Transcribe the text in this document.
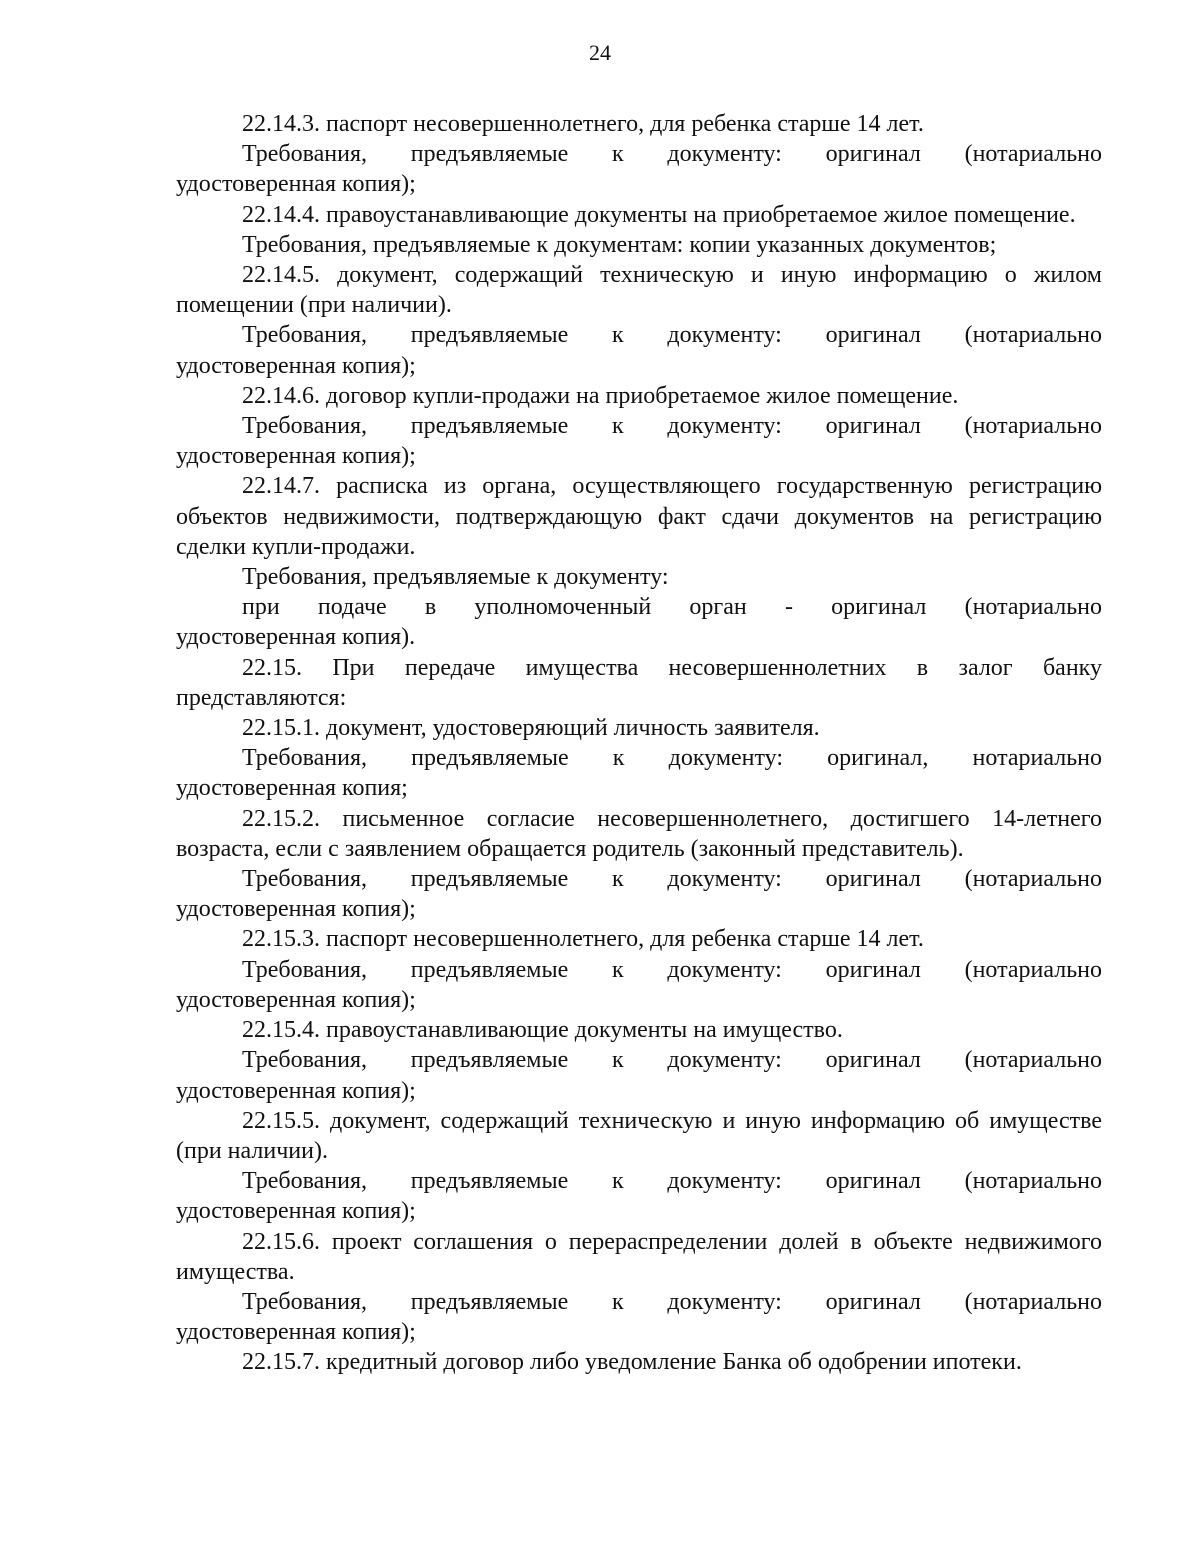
24

22.14.3. паспорт несовершеннолетнего, для ребенка старше 14 лет.

Требования, предъявляемые к документу: оригинал (нотариально
удостоверенная копия);

22.14.4. правоустанавливающие документы на приобретаемое жилое помещение.

Требования, предъявляемые к документам: копии указанных документов;

22.14.5. документ, содержащий техническую и иную информацию о жилом помещении (при наличии).

Требования, предъявляемые к документу: оригинал (нотариально
удостоверенная копия);

22.14.6. договор купли-продажи на приобретаемое жилое помещение.

Требования, предъявляемые к документу: оригинал (нотариально
удостоверенная копия);

22.14.7. расписка из органа, осуществляющего государственную регистрацию объектов недвижимости, подтверждающую факт сдачи документов на регистрацию сделки купли-продажи.

Требования, предъявляемые к документу:

при подаче в уполномоченный орган - оригинал (нотариально
удостоверенная копия).

22.15. При передаче имущества несовершеннолетних в залог банку представляются:

22.15.1. документ, удостоверяющий личность заявителя.

Требования, предъявляемые к документу: оригинал, нотариально
удостоверенная копия;

22.15.2. письменное согласие несовершеннолетнего, достигшего 14-летнего возраста, если с заявлением обращается родитель (законный представитель).

Требования, предъявляемые к документу: оригинал (нотариально
удостоверенная копия);

22.15.3. паспорт несовершеннолетнего, для ребенка старше 14 лет.

Требования, предъявляемые к документу: оригинал (нотариально
удостоверенная копия);

22.15.4. правоустанавливающие документы на имущество.

Требования, предъявляемые к документу: оригинал (нотариально
удостоверенная копия);

22.15.5. документ, содержащий техническую и иную информацию об имуществе (при наличии).

Требования, предъявляемые к документу: оригинал (нотариально
удостоверенная копия);

22.15.6. проект соглашения о перераспределении долей в объекте недвижимого имущества.

Требования, предъявляемые к документу: оригинал (нотариально
удостоверенная копия);

22.15.7. кредитный договор либо уведомление Банка об одобрении ипотеки.
